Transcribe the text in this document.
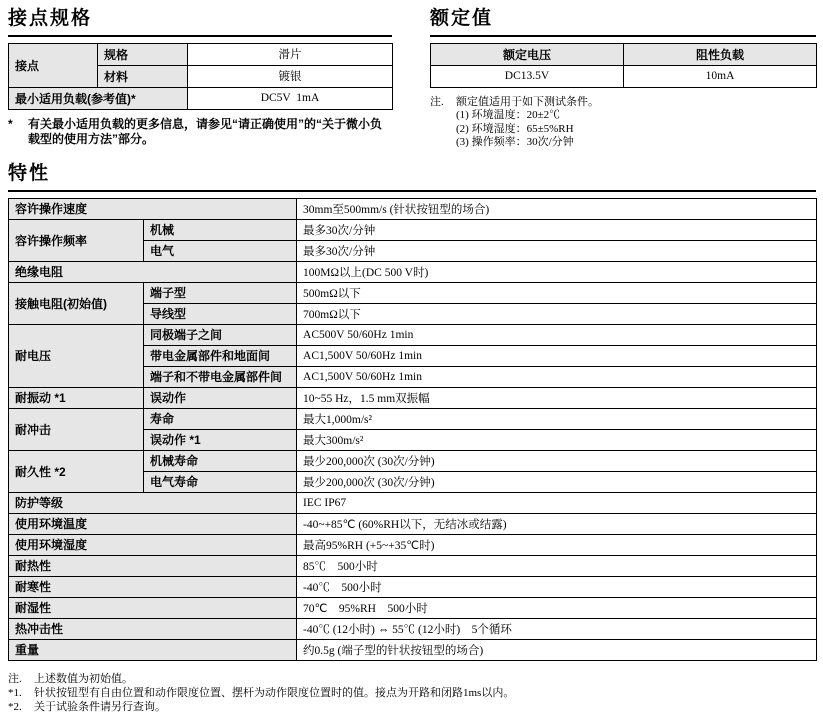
接点规格
接点	规格	滑片
	材料	镀银
最小适用负载(参考值)*		DC5V  1mA
*	有关最小适用负载的更多信息，请参见“请正确使用”的“关于微小负载型的使用方法”部分。
额定值
额定电压	阻性负载
DC13.5V	10mA
注.	额定值适用于如下测试条件。
(1) 环境温度：20±2℃
(2) 环境湿度：65±5%RH
(3) 操作频率：30次/分钟
特性
容许操作速度		30mm至500mm/s (针状按钮型的场合)
容许操作频率	机械	最多30次/分钟
	电气	最多30次/分钟
绝缘电阻		100MΩ以上(DC 500 V时)
接触电阻(初始值)	端子型	500mΩ以下
	导线型	700mΩ以下
耐电压	同极端子之间	AC500V 50/60Hz 1min
	带电金属部件和地面间	AC1,500V 50/60Hz 1min
	端子和不带电金属部件间	AC1,500V 50/60Hz 1min
耐振动 *1	误动作	10~55 Hz，1.5 mm双振幅
耐冲击	寿命	最大1,000m/s²
	误动作 *1	最大300m/s²
耐久性 *2	机械寿命	最少200,000次 (30次/分钟)
	电气寿命	最少200,000次 (30次/分钟)
防护等级		IEC IP67
使用环境温度		-40~+85℃ (60%RH以下，无结冰或结露)
使用环境湿度		最高95%RH (+5~+35℃时)
耐热性		85℃　500小时
耐寒性		-40℃　500小时
耐湿性		70℃　95%RH　500小时
热冲击性		-40℃ (12小时) ⇔ 55℃ (12小时)　5个循环
重量		约0.5g (端子型的针状按钮型的场合)
注.	上述数值为初始值。
*1.	针状按钮型有自由位置和动作限度位置、摆杆为动作限度位置时的值。接点为开路和闭路1ms以内。
*2.	关于试验条件请另行查询。
